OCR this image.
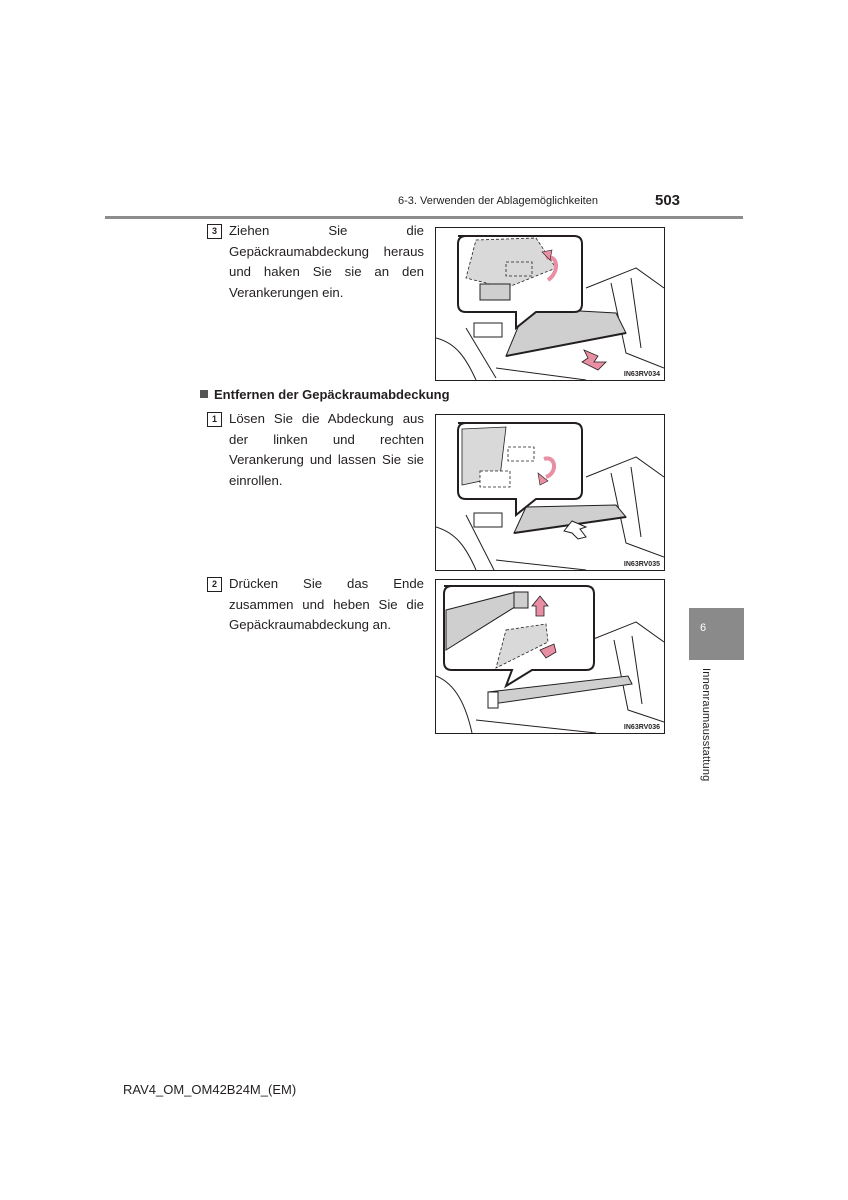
6-3. Verwenden der Ablagemöglichkeiten	503
3 Ziehen Sie die Gepäckraumabdeckung heraus und haken Sie sie an den Verankerungen ein.
IN63RV034
Entfernen der Gepäckraumabdeckung
1 Lösen Sie die Abdeckung aus der linken und rechten Verankerung und lassen Sie sie einrollen.
IN63RV035
2 Drücken Sie das Ende zusammen und heben Sie die Gepäckraumabdeckung an.
IN63RV036
6
Innenraumausstattung
RAV4_OM_OM42B24M_(EM)
